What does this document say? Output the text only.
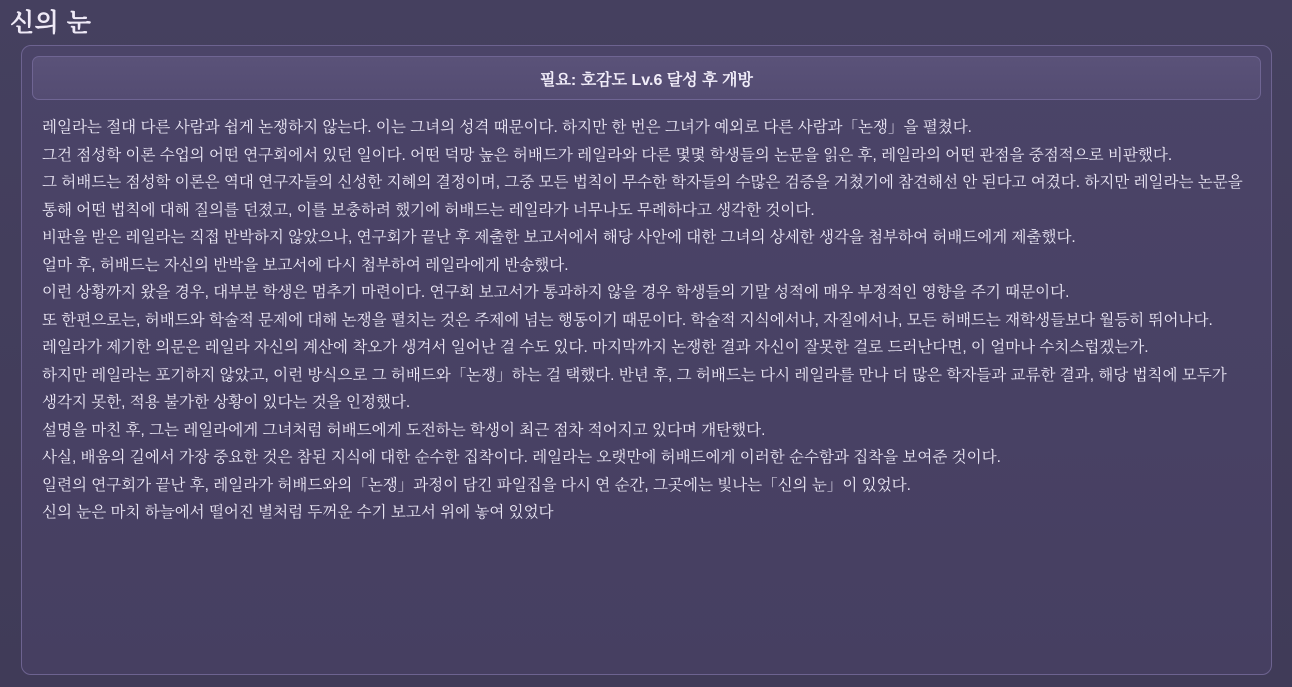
신의 눈
필요: 호감도 Lv.6 달성 후 개방

레일라는 절대 다른 사람과 쉽게 논쟁하지 않는다. 이는 그녀의 성격 때문이다. 하지만 한 번은 그녀가 예외로 다른 사람과「논쟁」을 펼쳤다.

그건 점성학 이론 수업의 어떤 연구회에서 있던 일이다. 어떤 덕망 높은 허배드가 레일라와 다른 몇몇 학생들의 논문을 읽은 후, 레일라의 어떤 관점을 중점적으로 비판했다.

그 허배드는 점성학 이론은 역대 연구자들의 신성한 지혜의 결정이며, 그중 모든 법칙이 무수한 학자들의 수많은 검증을 거쳤기에 참견해선 안 된다고 여겼다. 하지만 레일라는 논문을 통해 어떤 법칙에 대해 질의를 던졌고, 이를 보충하려 했기에 허배드는 레일라가 너무나도 무례하다고 생각한 것이다.

비판을 받은 레일라는 직접 반박하지 않았으나, 연구회가 끝난 후 제출한 보고서에서 해당 사안에 대한 그녀의 상세한 생각을 첨부하여 허배드에게 제출했다.

얼마 후, 허배드는 자신의 반박을 보고서에 다시 첨부하여 레일라에게 반송했다.

이런 상황까지 왔을 경우, 대부분 학생은 멈추기 마련이다. 연구회 보고서가 통과하지 않을 경우 학생들의 기말 성적에 매우 부정적인 영향을 주기 때문이다.

또 한편으로는, 허배드와 학술적 문제에 대해 논쟁을 펼치는 것은 주제에 넘는 행동이기 때문이다. 학술적 지식에서나, 자질에서나, 모든 허배드는 재학생들보다 월등히 뛰어나다.

레일라가 제기한 의문은 레일라 자신의 계산에 착오가 생겨서 일어난 걸 수도 있다. 마지막까지 논쟁한 결과 자신이 잘못한 걸로 드러난다면, 이 얼마나 수치스럽겠는가.

하지만 레일라는 포기하지 않았고, 이런 방식으로 그 허배드와「논쟁」하는 걸 택했다. 반년 후, 그 허배드는 다시 레일라를 만나 더 많은 학자들과 교류한 결과, 해당 법칙에 모두가 생각지 못한, 적용 불가한 상황이 있다는 것을 인정했다.

설명을 마친 후, 그는 레일라에게 그녀처럼 허배드에게 도전하는 학생이 최근 점차 적어지고 있다며 개탄했다.

사실, 배움의 길에서 가장 중요한 것은 참된 지식에 대한 순수한 집착이다. 레일라는 오랫만에 허배드에게 이러한 순수함과 집착을 보여준 것이다.

일련의 연구회가 끝난 후, 레일라가 허배드와의「논쟁」과정이 담긴 파일집을 다시 연 순간, 그곳에는 빛나는「신의 눈」이 있었다.

신의 눈은 마치 하늘에서 떨어진 별처럼 두꺼운 수기 보고서 위에 놓여 있었다
